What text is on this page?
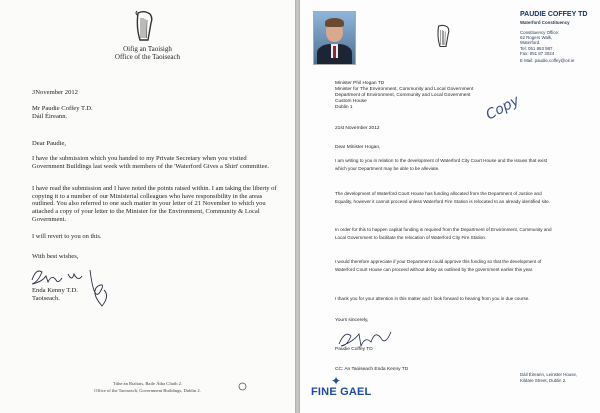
Oifig an Taoisigh
Office of the Taoiseach
3November 2012
Mr Paudie Coffey T.D.
Dáil Éireann.
Dear Paudie,
I have the submission which you handed to my Private Secretary when you visited Government Buildings last week with members of the 'Waterford Gives a Shirt' committee.
I have read the submission and I have noted the points raised within. I am taking the liberty of copying it to a number of our Ministerial colleagues who have responsibility in the areas outlined. You also referred to one such matter in your letter of 21 November to which you attached a copy of your letter to the Minister for the Environment, Community & Local Government.
I will revert to you on this.
With best wishes,
Enda Kenny T.D.
Taoiseach.
Tithe an Rialtais, Baile Átha Cliath 2.
Office of the Taoiseach, Government Buildings, Dublin 2.
PAUDIE COFFEY TD
Waterford Constituency
Constituency Office:
62 Rogers Walk,
Waterford.
Tel: 051 853 987
Fax: 051 87 3024
E Mail: paudie.coffey@oir.ie
Copy
Minister Phil Hogan TD
Minister for The Environment, Community and Local Government
Department of Environment, Community and Local Government
Custom House
Dublin 1
21st November 2012
Dear Minister Hogan,
I am writing to you in relation to the development of Waterford City Court House and the issues that exist which your Department may be able to be alleviate.
The development of Waterford Court House has funding allocated from the Department of Justice and Equality, however it cannot proceed unless Waterford Fire Station is relocated to an already identified site.
In order for this to happen capital funding is required from the Department of Environment, Community and Local Government to facilitate the relocation of Waterford City Fire Station.
I would therefore appreciate if your Department could approve this funding so that the development of Waterford Court House can proceed without delay as outlined by the government earlier this year.
I thank you for your attention in this matter and I look forward to hearing from you in due course.
Yours sincerely,
Paudie Coffey TD
CC: An Taoiseach Enda Kenny TD
✦
FINE GAEL
Dáil Éireann, Leinster House,
Kildare Street, Dublin 2.
